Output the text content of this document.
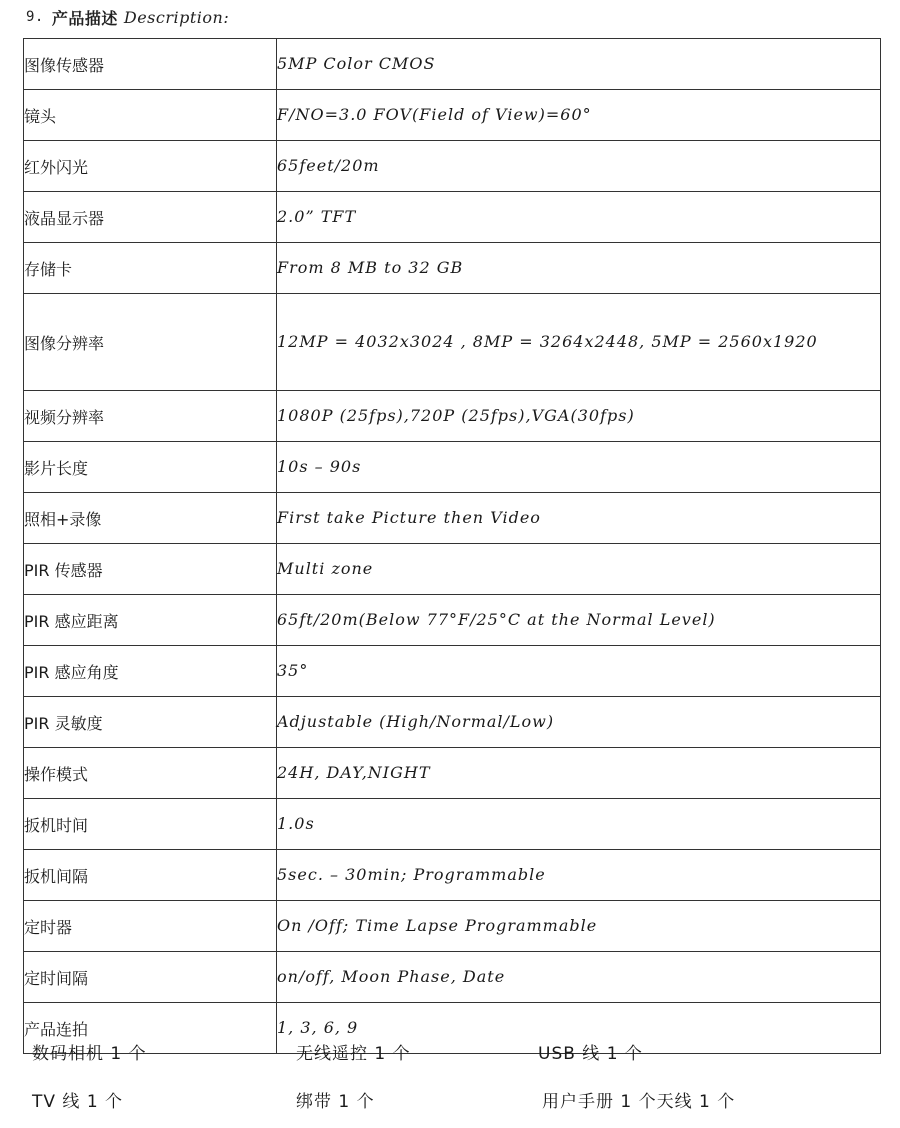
9. 产品描述 Description:
图像传感器	5MP Color CMOS
镜头	F/NO=3.0 FOV(Field of View)=60°
红外闪光	65feet/20m
液晶显示器	2.0” TFT
存储卡	From 8 MB to 32 GB
图像分辨率	12MP = 4032x3024 , 8MP = 3264x2448, 5MP = 2560x1920
视频分辨率	1080P (25fps),720P (25fps),VGA(30fps)
影片长度	10s – 90s
照相+录像	First take Picture then Video
PIR 传感器	Multi zone
PIR 感应距离	65ft/20m(Below 77°F/25°C at the Normal Level)
PIR 感应角度	35°
PIR 灵敏度	Adjustable (High/Normal/Low)
操作模式	24H, DAY,NIGHT
扳机时间	1.0s
扳机间隔	5sec. – 30min; Programmable
定时器	On /Off; Time Lapse Programmable
定时间隔	on/off, Moon Phase, Date
产品连拍	1, 3, 6, 9
数码相机 1 个	无线遥控 1 个	USB 线 1 个
TV 线 1 个	绑带 1 个	用户手册 1 个天线 1 个
